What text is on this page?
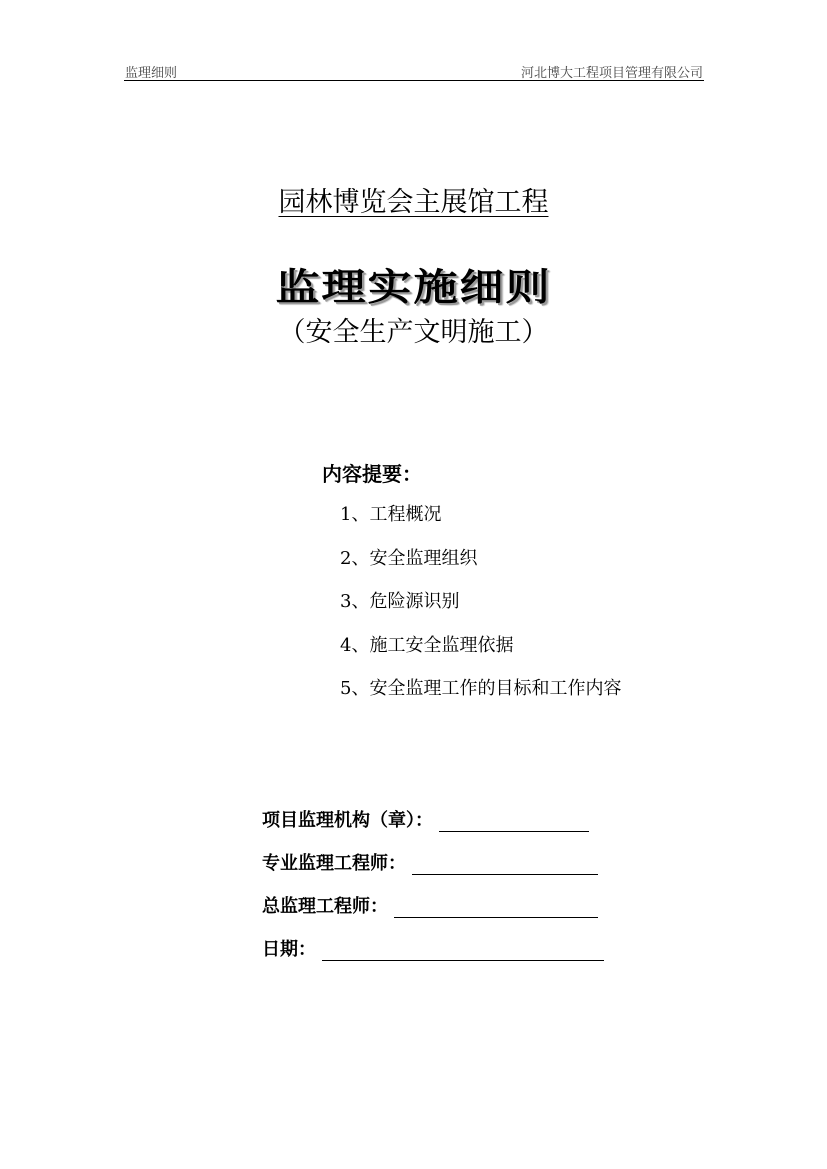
监理细则	河北博大工程项目管理有限公司
园林博览会主展馆工程
监理实施细则
（安全生产文明施工）
内容提要：
1、工程概况
2、安全监理组织
3、危险源识别
4、施工安全监理依据
5、安全监理工作的目标和工作内容
项目监理机构（章）：
专业监理工程师：
总监理工程师：
日期：
